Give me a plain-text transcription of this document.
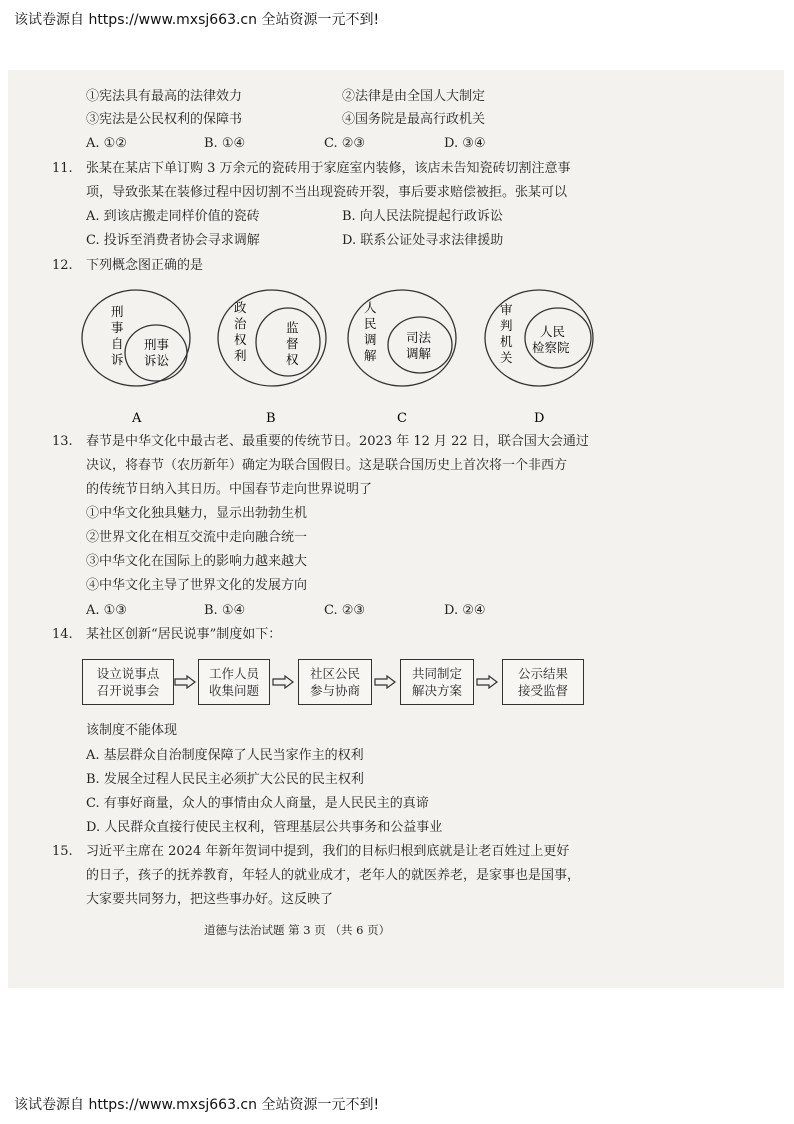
该试卷源自 https://www.mxsj663.cn 全站资源一元不到!
①宪法具有最高的法律效力	②法律是由全国人大制定
③宪法是公民权利的保障书	④国务院是最高行政机关
A. ①②	B. ①④	C. ②③	D. ③④
11. 张某在某店下单订购 3 万余元的瓷砖用于家庭室内装修，该店未告知瓷砖切割注意事
项，导致张某在装修过程中因切割不当出现瓷砖开裂，事后要求赔偿被拒。张某可以
A. 到该店搬走同样价值的瓷砖	B. 向人民法院提起行政诉讼
C. 投诉至消费者协会寻求调解	D. 联系公证处寻求法律援助
12. 下列概念图正确的是
刑
事
自
诉
刑事
诉讼
A
政
治
权
利
监
督
权
B
人
民
调
解
司法
调解
C
审
判
机
关
人民
检察院
D
13. 春节是中华文化中最古老、最重要的传统节日。2023 年 12 月 22 日，联合国大会通过
决议，将春节（农历新年）确定为联合国假日。这是联合国历史上首次将一个非西方
的传统节日纳入其日历。中国春节走向世界说明了
①中华文化独具魅力，显示出勃勃生机
②世界文化在相互交流中走向融合统一
③中华文化在国际上的影响力越来越大
④中华文化主导了世界文化的发展方向
A. ①③	B. ①④	C. ②③	D. ②④
14. 某社区创新“居民说事”制度如下：
设立说事点
召开说事会
工作人员
收集问题
社区公民
参与协商
共同制定
解决方案
公示结果
接受监督
该制度不能体现
A. 基层群众自治制度保障了人民当家作主的权利
B. 发展全过程人民民主必须扩大公民的民主权利
C. 有事好商量，众人的事情由众人商量，是人民民主的真谛
D. 人民群众直接行使民主权利，管理基层公共事务和公益事业
15. 习近平主席在 2024 年新年贺词中提到，我们的目标归根到底就是让老百姓过上更好
的日子，孩子的抚养教育，年轻人的就业成才，老年人的就医养老，是家事也是国事，
大家要共同努力，把这些事办好。这反映了
道德与法治试题 第 3 页 （共 6 页）
该试卷源自 https://www.mxsj663.cn 全站资源一元不到!
